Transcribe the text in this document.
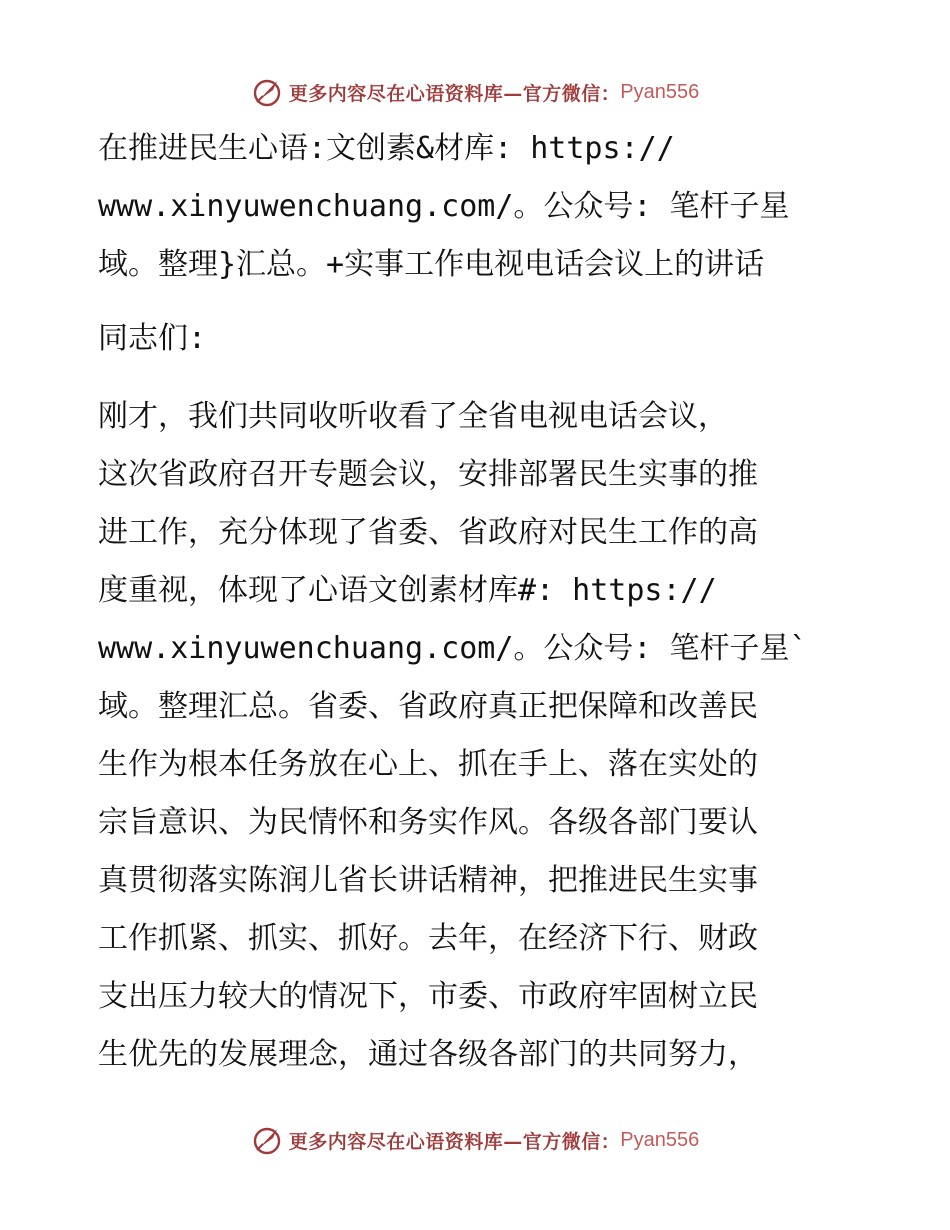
更多内容尽在心语资料库—官方微信： Pyan556

在推进民生心语:文创素&材库: https://
www.xinyuwenchuang.com/。公众号: 笔杆子星
域。整理}汇总。+实事工作电视电话会议上的讲话

同志们:

刚才，我们共同收听收看了全省电视电话会议，
这次省政府召开专题会议，安排部署民生实事的推
进工作，充分体现了省委、省政府对民生工作的高
度重视，体现了心语文创素材库#: https://
www.xinyuwenchuang.com/。公众号: 笔杆子星`
域。整理汇总。省委、省政府真正把保障和改善民
生作为根本任务放在心上、抓在手上、落在实处的
宗旨意识、为民情怀和务实作风。各级各部门要认
真贯彻落实陈润儿省长讲话精神，把推进民生实事
工作抓紧、抓实、抓好。去年，在经济下行、财政
支出压力较大的情况下，市委、市政府牢固树立民
生优先的发展理念，通过各级各部门的共同努力，

更多内容尽在心语资料库—官方微信： Pyan556
